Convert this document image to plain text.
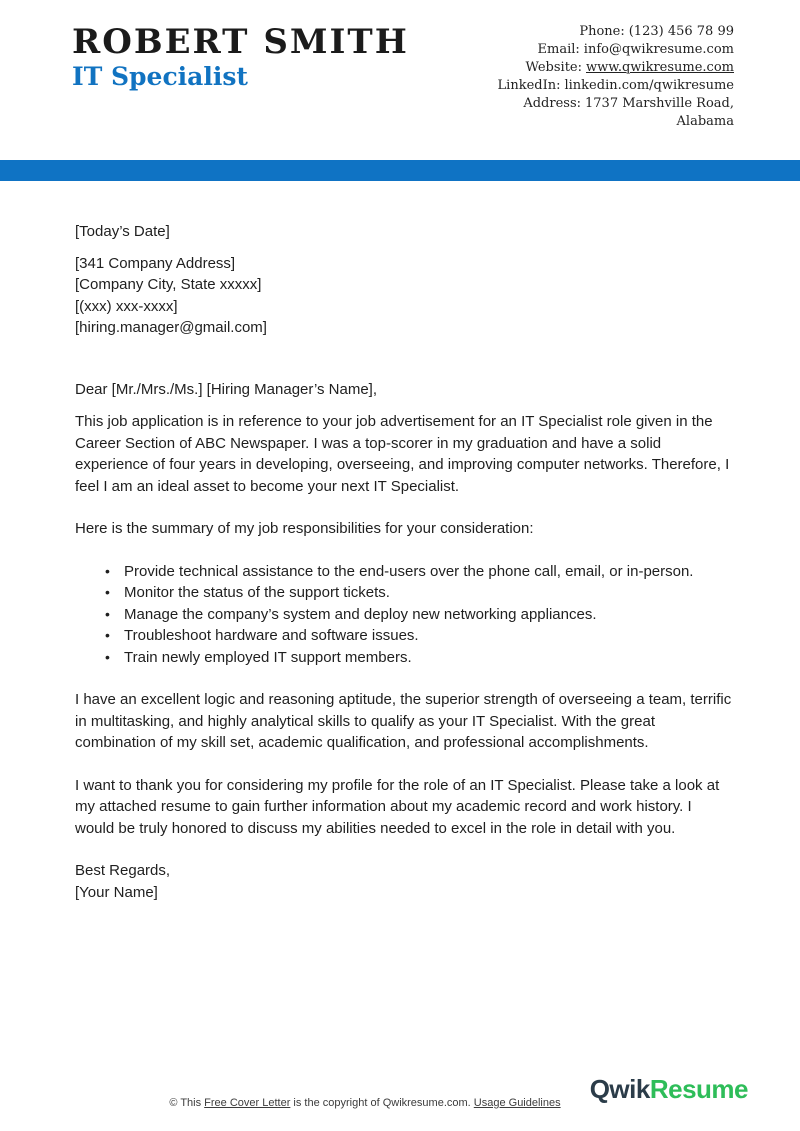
ROBERT SMITH
IT Specialist
Phone: (123) 456 78 99
Email: info@qwikresume.com
Website: www.qwikresume.com
LinkedIn: linkedin.com/qwikresume
Address: 1737 Marshville Road,
Alabama

[Today’s Date]

[341 Company Address]
[Company City, State xxxxx]
[(xxx) xxx-xxxx]
[hiring.manager@gmail.com]

Dear [Mr./Mrs./Ms.] [Hiring Manager’s Name],

This job application is in reference to your job advertisement for an IT Specialist role given in the Career Section of ABC Newspaper. I was a top-scorer in my graduation and have a solid experience of four years in developing, overseeing, and improving computer networks. Therefore, I feel I am an ideal asset to become your next IT Specialist.

Here is the summary of my job responsibilities for your consideration:

• Provide technical assistance to the end-users over the phone call, email, or in-person.
• Monitor the status of the support tickets.
• Manage the company’s system and deploy new networking appliances.
• Troubleshoot hardware and software issues.
• Train newly employed IT support members.

I have an excellent logic and reasoning aptitude, the superior strength of overseeing a team, terrific in multitasking, and highly analytical skills to qualify as your IT Specialist. With the great combination of my skill set, academic qualification, and professional accomplishments.

I want to thank you for considering my profile for the role of an IT Specialist. Please take a look at my attached resume to gain further information about my academic record and work history. I would be truly honored to discuss my abilities needed to excel in the role in detail with you.

Best Regards,

[Your Name]

© This Free Cover Letter is the copyright of Qwikresume.com. Usage Guidelines	QwikResume
